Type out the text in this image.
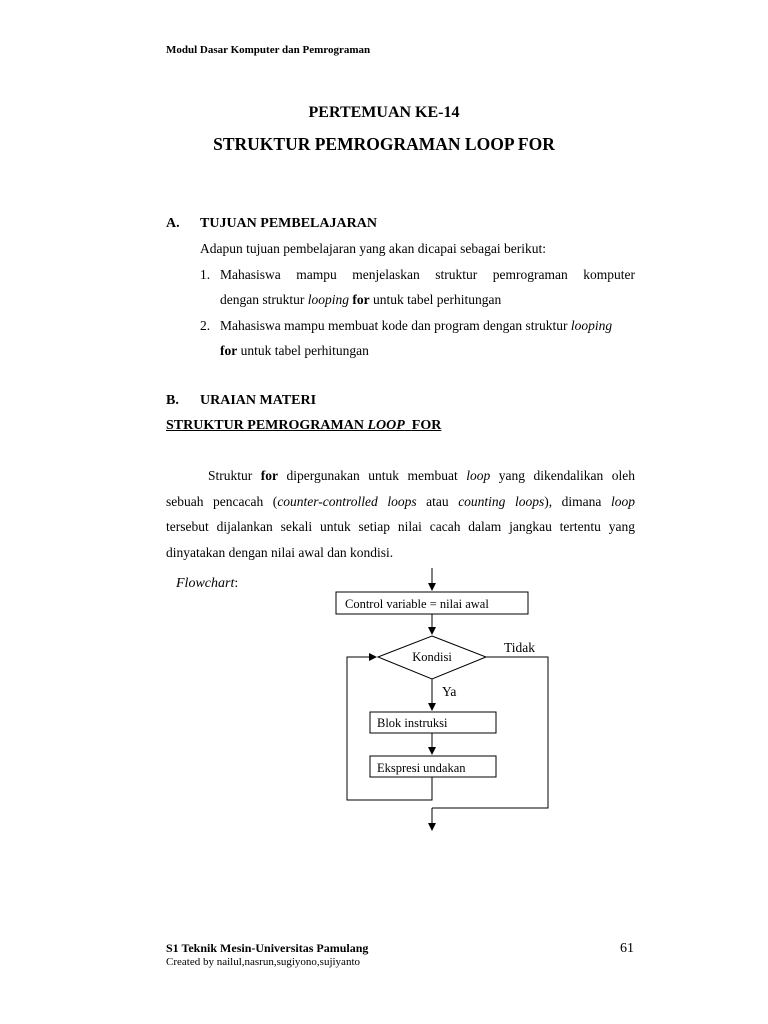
Modul Dasar Komputer dan Pemrograman
PERTEMUAN KE-14
STRUKTUR PEMROGRAMAN LOOP FOR
A. TUJUAN PEMBELAJARAN
Adapun tujuan pembelajaran yang akan dicapai sebagai berikut:
1. Mahasiswa mampu menjelaskan struktur pemrograman komputer
dengan struktur looping for untuk tabel perhitungan
2. Mahasiswa mampu membuat kode dan program dengan struktur looping
for untuk tabel perhitungan
B. URAIAN MATERI
STRUKTUR PEMROGRAMAN LOOP FOR
Struktur for dipergunakan untuk membuat loop yang dikendalikan oleh
sebuah pencacah (counter-controlled loops atau counting loops), dimana loop
tersebut dijalankan sekali untuk setiap nilai cacah dalam jangkau tertentu yang
dinyatakan dengan nilai awal dan kondisi.
Flowchart:
Control variable = nilai awal
Kondisi
Tidak
Ya
Blok instruksi
Ekspresi undakan
S1 Teknik Mesin-Universitas Pamulang
Created by nailul,nasrun,sugiyono,sujiyanto
61
